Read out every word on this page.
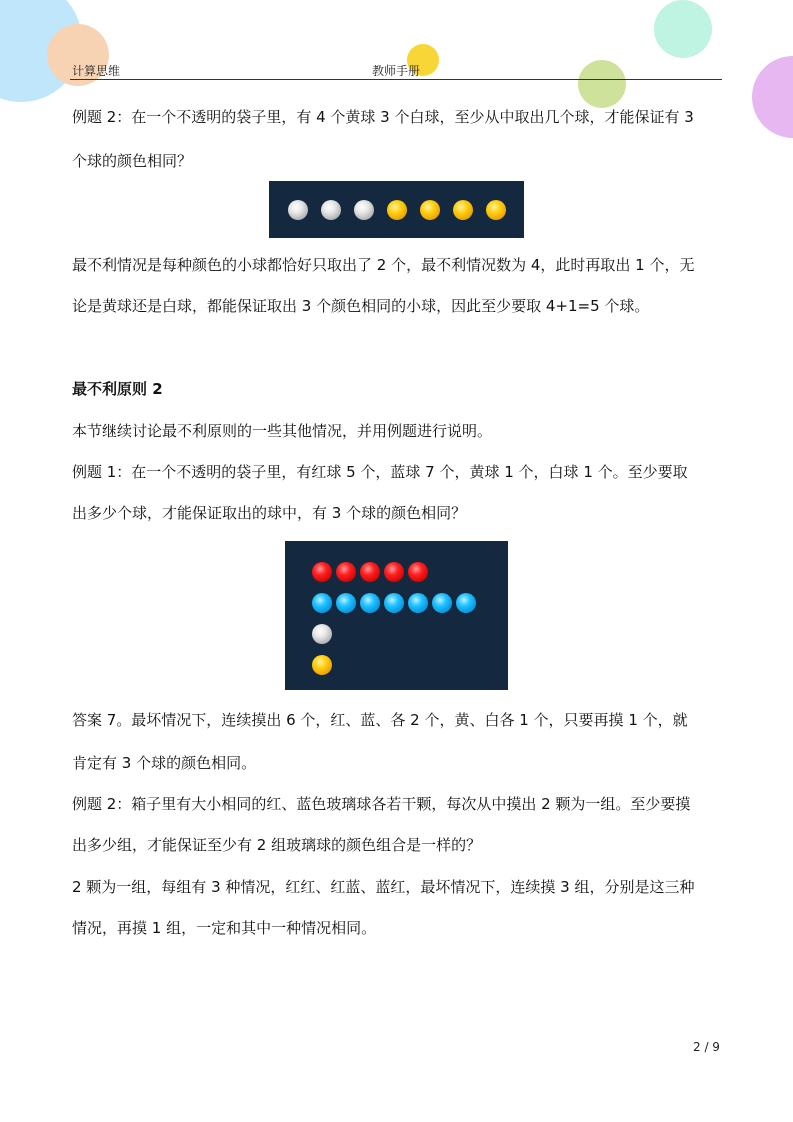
计算思维	教师手册
例题 2：在一个不透明的袋子里，有 4 个黄球 3 个白球，至少从中取出几个球，才能保证有 3
个球的颜色相同？
最不利情况是每种颜色的小球都恰好只取出了 2 个，最不利情况数为 4，此时再取出 1 个，无
论是黄球还是白球，都能保证取出 3 个颜色相同的小球，因此至少要取 4+1=5 个球。
最不利原则 2
本节继续讨论最不利原则的一些其他情况，并用例题进行说明。
例题 1：在一个不透明的袋子里，有红球 5 个，蓝球 7 个，黄球 1 个，白球 1 个。至少要取
出多少个球，才能保证取出的球中，有 3 个球的颜色相同？
答案 7。最坏情况下，连续摸出 6 个，红、蓝、各 2 个，黄、白各 1 个，只要再摸 1 个，就
肯定有 3 个球的颜色相同。
例题 2：箱子里有大小相同的红、蓝色玻璃球各若干颗，每次从中摸出 2 颗为一组。至少要摸
出多少组，才能保证至少有 2 组玻璃球的颜色组合是一样的？
2 颗为一组，每组有 3 种情况，红红、红蓝、蓝红，最坏情况下，连续摸 3 组，分别是这三种
情况，再摸 1 组，一定和其中一种情况相同。
2 / 9
